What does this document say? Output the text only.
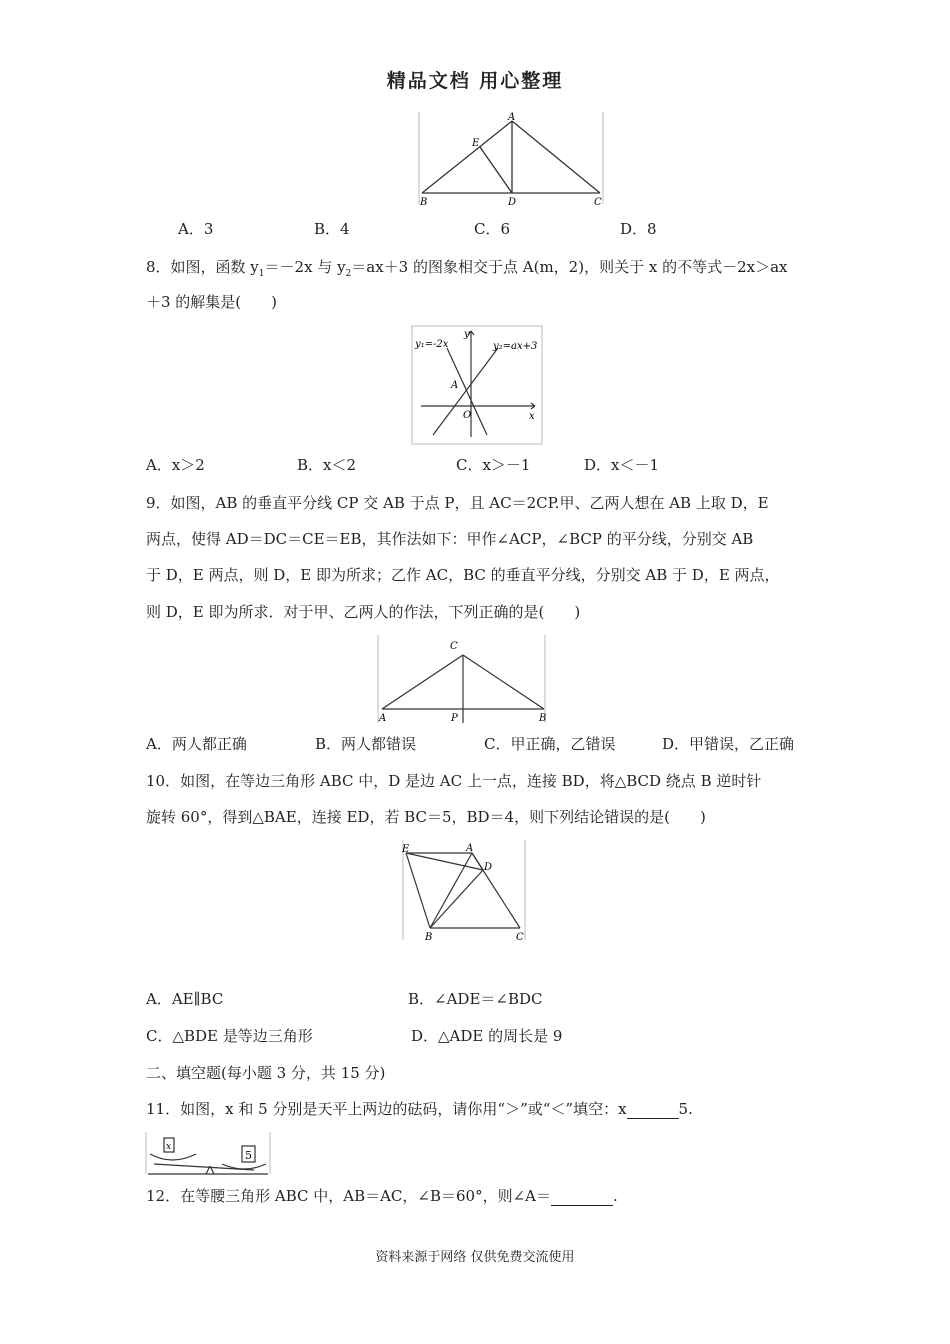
精品文档 用心整理
A
E
B	D	C
A．3	B．4	C．6	D．8
8．如图，函数 $y_1=-2x$ 与 $y_2=ax+3$ 的图象相交于点 A(m，2)，则关于 x 的不等式－2x＞ax
＋3 的解集是(　　)
y₁=-2x	y₂=ax+3
y
x
A
O
A．x＞2	B．x＜2	C．x＞－1	D．x＜－1
9．如图，AB 的垂直平分线 CP 交 AB 于点 P，且 AC＝2CP.甲、乙两人想在 AB 上取 D，E
两点，使得 AD＝DC＝CE＝EB，其作法如下：甲作∠ACP，∠BCP 的平分线，分别交 AB
于 D，E 两点，则 D，E 即为所求；乙作 AC，BC 的垂直平分线，分别交 AB 于 D，E 两点，
则 D，E 即为所求．对于甲、乙两人的作法，下列正确的是(　　)
C
A	P	B
A．两人都正确	B．两人都错误	C．甲正确，乙错误	D．甲错误，乙正确
10．如图，在等边三角形 ABC 中，D 是边 AC 上一点，连接 BD，将△BCD 绕点 B 逆时针
旋转 60°，得到△BAE，连接 ED，若 BC＝5，BD＝4，则下列结论错误的是(　　)
E	A
D
B	C
A．AE∥BC	B．∠ADE＝∠BDC
C．△BDE 是等边三角形	D．△ADE 的周长是 9
二、填空题(每小题 3 分，共 15 分)
11．如图，x 和 5 分别是天平上两边的砝码，请你用“＞”或“＜”填空：x	5.
x
5
12．在等腰三角形 ABC 中，AB＝AC，∠B＝60°，则∠A＝	.
资料来源于网络 仅供免费交流使用
